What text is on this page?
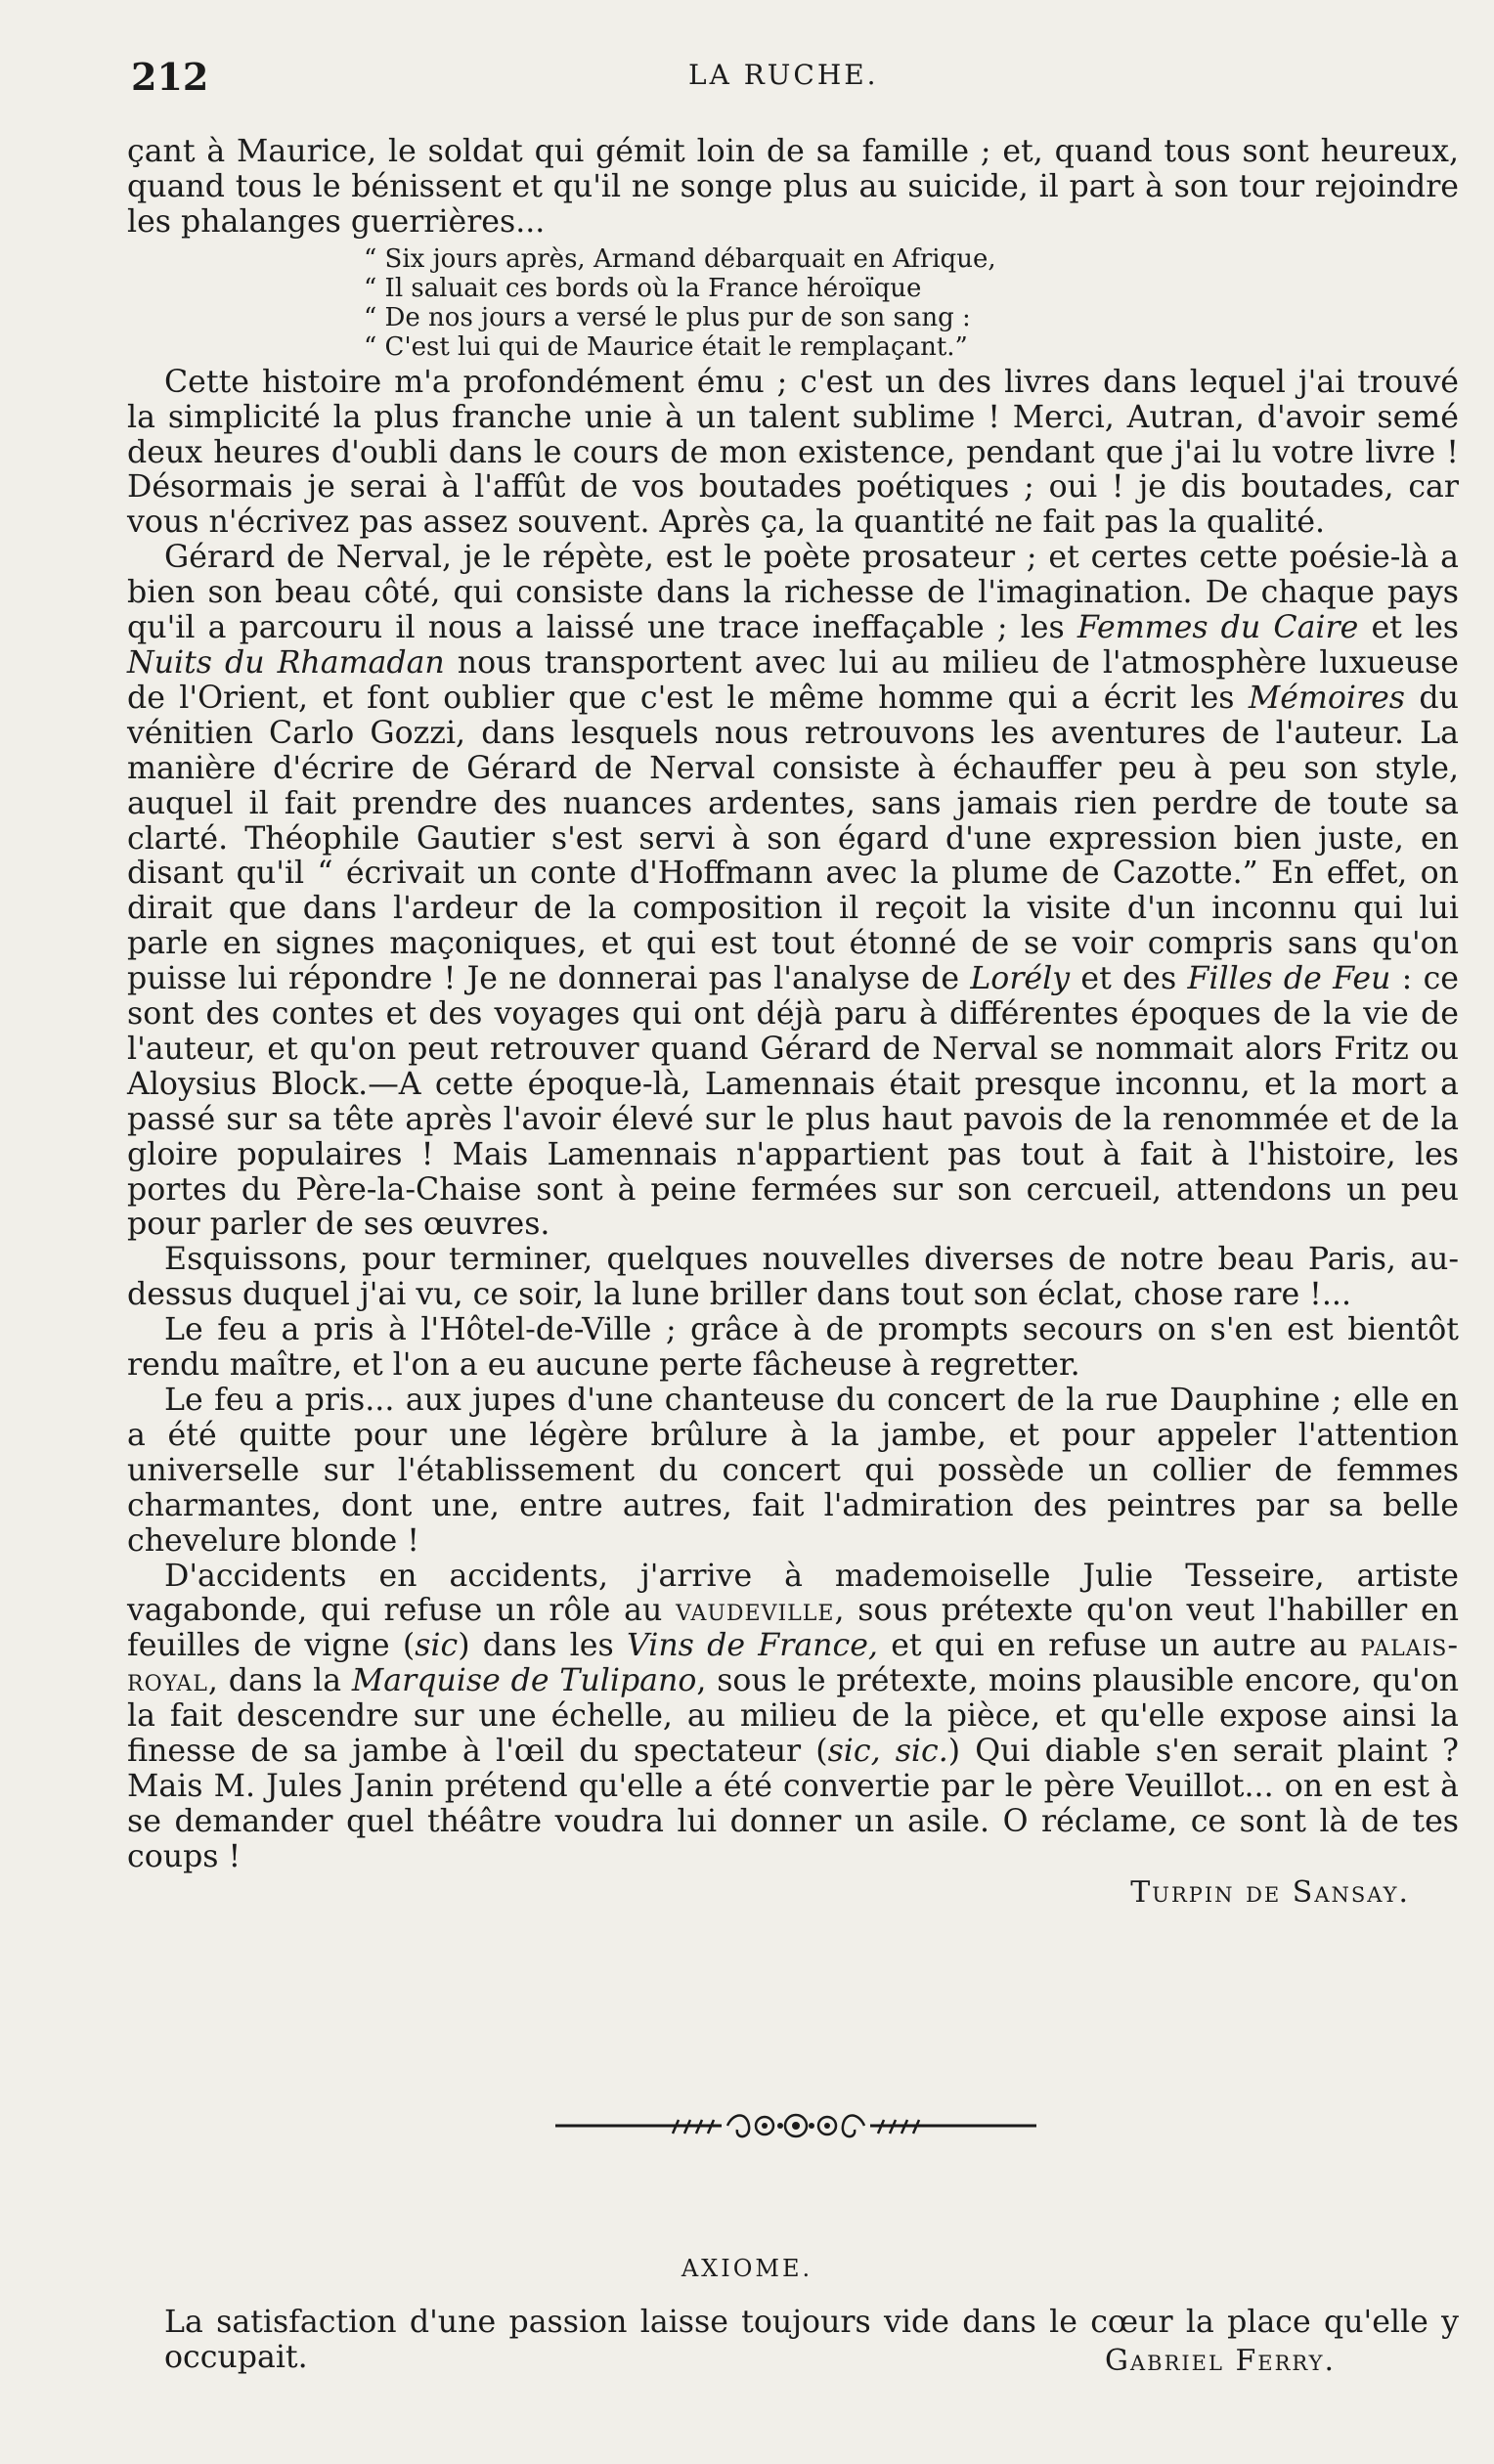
212	LA RUCHE.

çant à Maurice, le soldat qui gémit loin de sa famille ; et, quand tous sont heureux, quand tous le bénissent et qu'il ne songe plus au suicide, il part à son tour rejoindre les phalanges guerrières...

“ Six jours après, Armand débarquait en Afrique,
“ Il saluait ces bords où la France héroïque
“ De nos jours a versé le plus pur de son sang :
“ C'est lui qui de Maurice était le remplaçant.”

Cette histoire m'a profondément ému ; c'est un des livres dans lequel j'ai trouvé la simplicité la plus franche unie à un talent sublime ! Merci, Autran, d'avoir semé deux heures d'oubli dans le cours de mon existence, pendant que j'ai lu votre livre ! Désormais je serai à l'affût de vos boutades poétiques ; oui ! je dis boutades, car vous n'écrivez pas assez souvent. Après ça, la quantité ne fait pas la qualité.

Gérard de Nerval, je le répète, est le poète prosateur ; et certes cette poésie-là a bien son beau côté, qui consiste dans la richesse de l'imagination. De chaque pays qu'il a parcouru il nous a laissé une trace ineffaçable ; les Femmes du Caire et les Nuits du Rhamadan nous transportent avec lui au milieu de l'atmosphère luxueuse de l'Orient, et font oublier que c'est le même homme qui a écrit les Mémoires du vénitien Carlo Gozzi, dans lesquels nous retrouvons les aventures de l'auteur. La manière d'écrire de Gérard de Nerval consiste à échauffer peu à peu son style, auquel il fait prendre des nuances ardentes, sans jamais rien perdre de toute sa clarté. Théophile Gautier s'est servi à son égard d'une expression bien juste, en disant qu'il “ écrivait un conte d'Hoffmann avec la plume de Cazotte.” En effet, on dirait que dans l'ardeur de la composition il reçoit la visite d'un inconnu qui lui parle en signes maçoniques, et qui est tout étonné de se voir compris sans qu'on puisse lui répondre ! Je ne donnerai pas l'analyse de Lorély et des Filles de Feu : ce sont des contes et des voyages qui ont déjà paru à différentes époques de la vie de l'auteur, et qu'on peut retrouver quand Gérard de Nerval se nommait alors Fritz ou Aloysius Block.—A cette époque-là, Lamennais était presque inconnu, et la mort a passé sur sa tête après l'avoir élevé sur le plus haut pavois de la renommée et de la gloire populaires ! Mais Lamennais n'appartient pas tout à fait à l'histoire, les portes du Père-la-Chaise sont à peine fermées sur son cercueil, attendons un peu pour parler de ses œuvres.

Esquissons, pour terminer, quelques nouvelles diverses de notre beau Paris, au-dessus duquel j'ai vu, ce soir, la lune briller dans tout son éclat, chose rare !...

Le feu a pris à l'Hôtel-de-Ville ; grâce à de prompts secours on s'en est bientôt rendu maître, et l'on a eu aucune perte fâcheuse à regretter.

Le feu a pris... aux jupes d'une chanteuse du concert de la rue Dauphine ; elle en a été quitte pour une légère brûlure à la jambe, et pour appeler l'attention universelle sur l'établissement du concert qui possède un collier de femmes charmantes, dont une, entre autres, fait l'admiration des peintres par sa belle chevelure blonde !

D'accidents en accidents, j'arrive à mademoiselle Julie Tesseire, artiste vagabonde, qui refuse un rôle au vaudeville, sous prétexte qu'on veut l'habiller en feuilles de vigne (sic) dans les Vins de France, et qui en refuse un autre au palais-royal, dans la Marquise de Tulipano, sous le prétexte, moins plausible encore, qu'on la fait descendre sur une échelle, au milieu de la pièce, et qu'elle expose ainsi la finesse de sa jambe à l'œil du spectateur (sic, sic.) Qui diable s'en serait plaint ? Mais M. Jules Janin prétend qu'elle a été convertie par le père Veuillot... on en est à se demander quel théâtre voudra lui donner un asile. O réclame, ce sont là de tes coups !

Turpin de Sansay.
AXIOME.

La satisfaction d'une passion laisse toujours vide dans le cœur la place qu'elle y occupait.	Gabriel Ferry.
